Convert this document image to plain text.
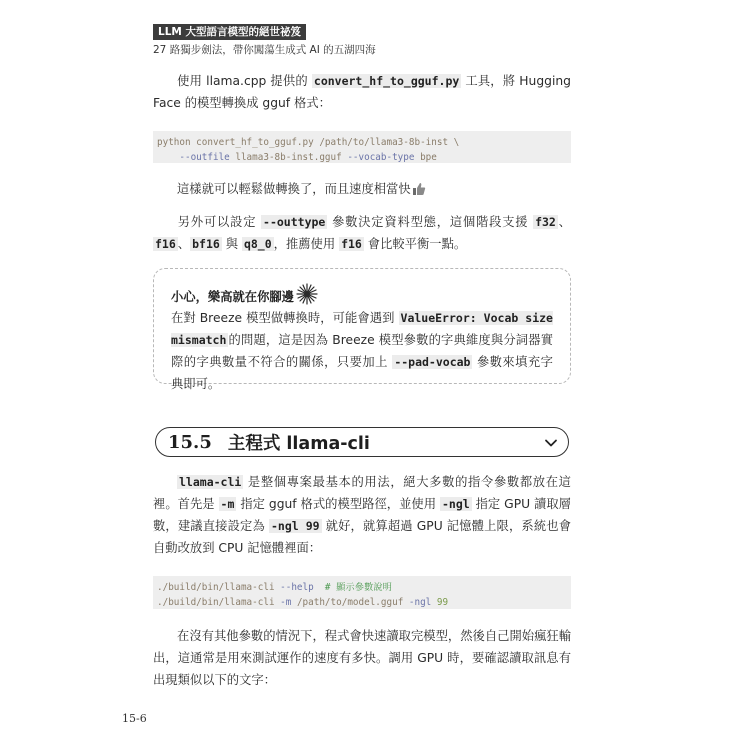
LLM 大型語言模型的絕世祕笈
27 路獨步劍法，帶你闖蕩生成式 AI 的五湖四海

使用 llama.cpp 提供的 convert_hf_to_gguf.py 工具，將 Hugging Face 的模型轉換成 gguf 格式：

python convert_hf_to_gguf.py /path/to/llama3-8b-inst \
--outfile llama3-8b-inst.gguf --vocab-type bpe

這樣就可以輕鬆做轉換了，而且速度相當快

另外可以設定 --outtype 參數決定資料型態，這個階段支援 f32 、f16 、 bf16 與 q8_0 ，推薦使用 f16 會比較平衡一點。

小心，樂高就在你腳邊

在對 Breeze 模型做轉換時，可能會遇到 ValueError: Vocab size mismatch 的問題，這是因為 Breeze 模型參數的字典維度與分詞器實際的字典數量不符合的關係，只要加上 --pad-vocab 參數來填充字典即可。

15.5 主程式 llama-cli

llama-cli 是整個專案最基本的用法，絕大多數的指令參數都放在這裡。首先是 -m 指定 gguf 格式的模型路徑，並使用 -ngl 指定 GPU 讀取層數，建議直接設定為 -ngl 99 就好，就算超過 GPU 記憶體上限，系統也會自動改放到 CPU 記憶體裡面：

./build/bin/llama-cli --help  # 顯示參數說明
./build/bin/llama-cli -m /path/to/model.gguf -ngl 99

在沒有其他參數的情況下，程式會快速讀取完模型，然後自己開始瘋狂輸出，這通常是用來測試運作的速度有多快。調用 GPU 時，要確認讀取訊息有出現類似以下的文字：

15-6
